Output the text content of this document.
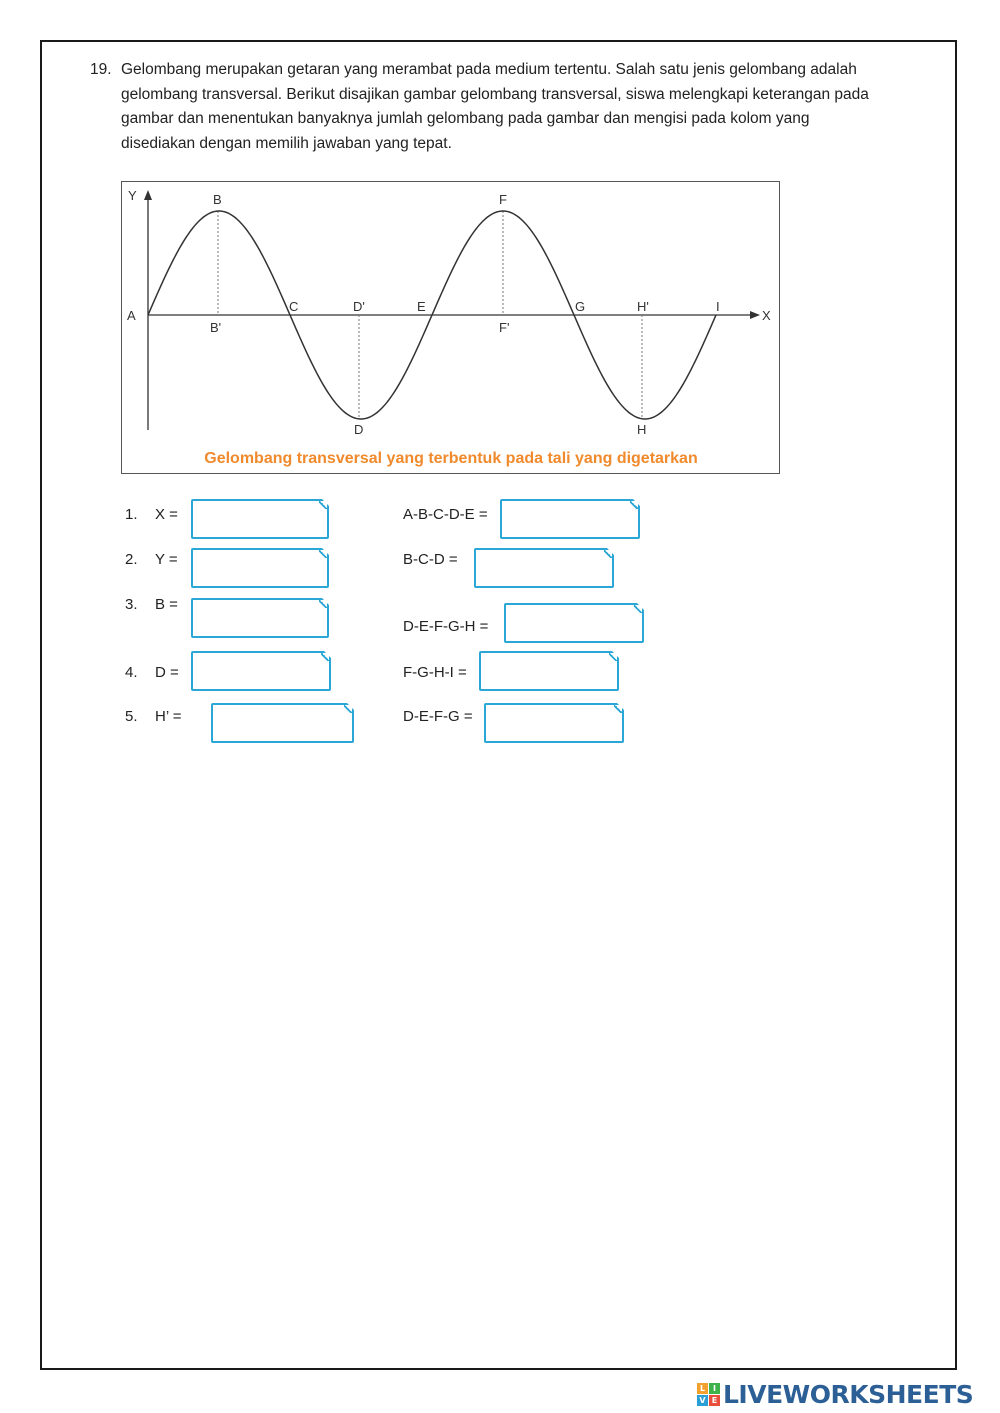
19. Gelombang merupakan getaran yang merambat pada medium tertentu. Salah satu jenis gelombang adalah
gelombang transversal. Berikut disajikan gambar gelombang transversal, siswa melengkapi keterangan pada
gambar dan menentukan banyaknya jumlah gelombang pada gambar dan mengisi pada kolom yang
disediakan dengan memilih jawaban yang tepat.
A
Y
X
B
B'
C	D'
D
E
F
F'
G	H'
H
I
Gelombang transversal yang terbentuk pada tali yang digetarkan
1. X =
2. Y =
3. B =
4. D =
5. H’ =
A-B-C-D-E =
B-C-D =
D-E-F-G-H =
F-G-H-I =
D-E-F-G =
L I
V E LIVEWORKSHEETS
